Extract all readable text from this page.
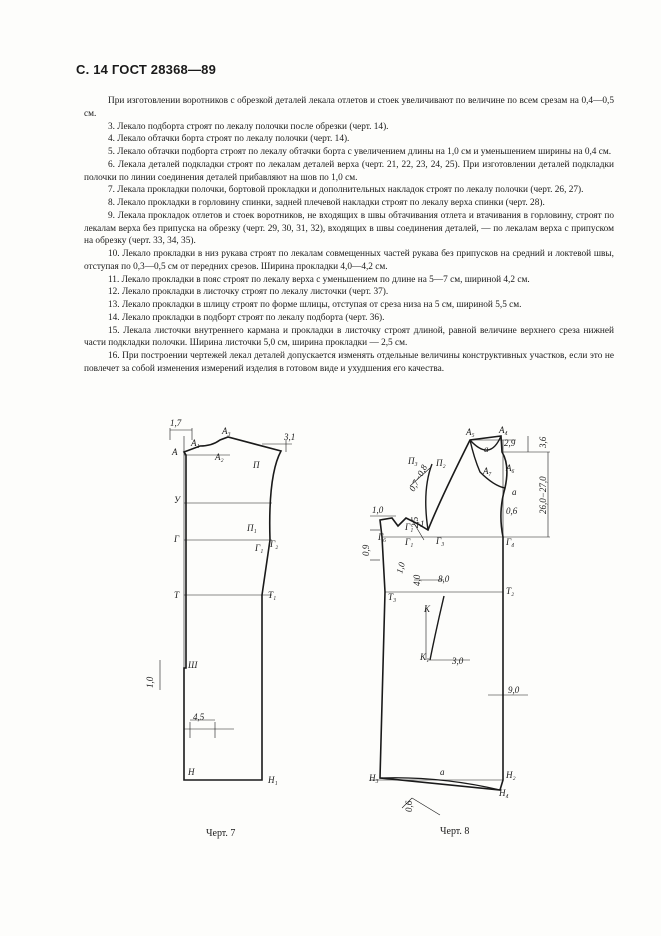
С. 14 ГОСТ 28368—89

При изготовлении воротников с обрезкой деталей лекала отлетов и стоек увеличивают по величине по всем срезам на 0,4—0,5 см.

3. Лекало подборта строят по лекалу полочки после обрезки (черт. 14).

4. Лекало обтачки борта строят по лекалу полочки (черт. 14).

5. Лекало обтачки подборта строят по лекалу обтачки борта с увеличением длины на 1,0 см и уменьшением ширины на 0,4 см.

6. Лекала деталей подкладки строят по лекалам деталей верха (черт. 21, 22, 23, 24, 25). При изготовлении деталей подкладки полочки по линии соединения деталей прибавляют на шов по 1,0 см.

7. Лекала прокладки полочки, бортовой прокладки и дополнительных накладок строят по лекалу полочки (черт. 26, 27).

8. Лекало прокладки в горловину спинки, задней плечевой накладки строят по лекалу верха спинки (черт. 28).

9. Лекала прокладок отлетов и стоек воротников, не входящих в швы обтачивания отлета и втачивания в горловину, строят по лекалам верха без припуска на обрезку (черт. 29, 30, 31, 32), входящих в швы соединения деталей, — по лекалам верха с припуском на обрезку (черт. 33, 34, 35).

10. Лекало прокладки в низ рукава строят по лекалам совмещенных частей рукава без припусков на средний и локтевой швы, отступая по 0,3—0,5 см от передних срезов. Ширина прокладки 4,0—4,2 см.

11. Лекало прокладки в пояс строят по лекалу верха с уменьшением по длине на 5—7 см, шириной 4,2 см.

12. Лекало прокладки в листочку строят по лекалу листочки (черт. 37).

13. Лекало прокладки в шлицу строят по форме шлицы, отступая от среза низа на 5 см, шириной 5,5 см.

14. Лекало прокладки в подборт строят по лекалу подборта (черт. 36).

15. Лекала листочки внутреннего кармана и прокладки в листочку строят длиной, равной величине верхнего среза нижней части подкладки полочки. Ширина листочки 5,0 см, ширина прокладки — 2,5 см.

16. При построении чертежей лекал деталей допускается изменять отдельные величины конструктивных участков, если это не повлечет за собой изменения измерений изделия в готовом виде и ухудшения его качества.

А
А₁
А₂
А₃
П
У
Г
П₁
Г₁ Г₂
Т	Т₁
Ш
Н
Н₁
1,7
3,1
1,0
4,5
А₅	А₄
а
А₇ А₆
а
П₃ П₂
Г₁ 1
Г₆ Г₁	Г₃	Г₄
Т₃
Т₂
К
К₁
а
Н₃	Н₂
Н₄
2,9	3,6
26,0−27,0
0,7−0,8
2,5
0,6
1,0
0,9
1,0
4,0 8,0
3,0
9,0
0,6
Черт. 7	Черт. 8
